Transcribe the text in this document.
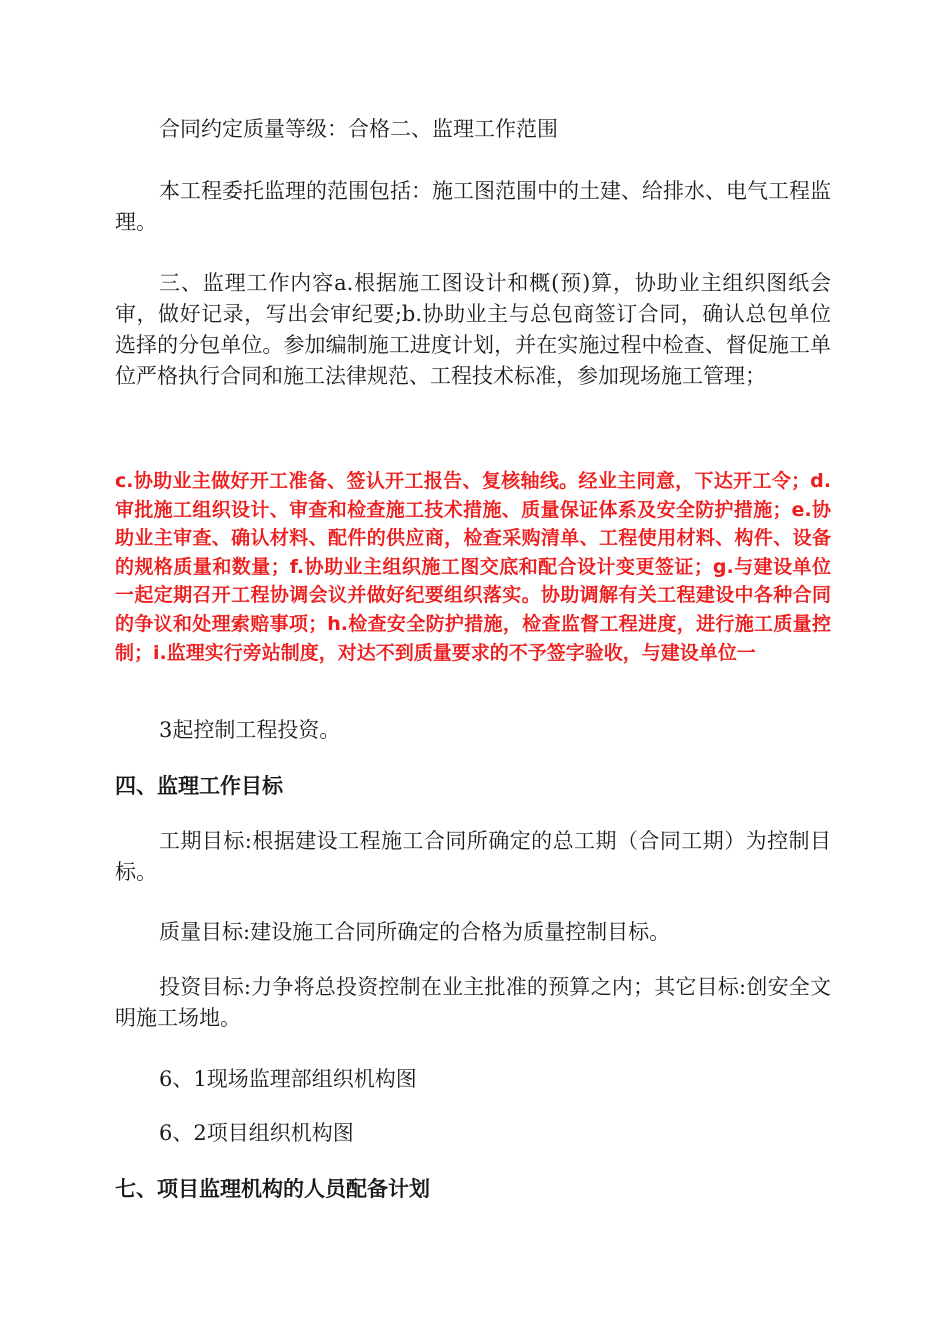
合同约定质量等级：合格二、监理工作范围

本工程委托监理的范围包括：施工图范围中的土建、给排水、电气工程监理。

三、监理工作内容a.根据施工图设计和概(预)算，协助业主组织图纸会审，做好记录，写出会审纪要;b.协助业主与总包商签订合同，确认总包单位选择的分包单位。参加编制施工进度计划，并在实施过程中检查、督促施工单位严格执行合同和施工法律规范、工程技术标准，参加现场施工管理；

c.协助业主做好开工准备、签认开工报告、复核轴线。经业主同意，下达开工令；d.审批施工组织设计、审查和检查施工技术措施、质量保证体系及安全防护措施；e.协助业主审查、确认材料、配件的供应商，检查采购清单、工程使用材料、构件、设备的规格质量和数量；f.协助业主组织施工图交底和配合设计变更签证；g.与建设单位一起定期召开工程协调会议并做好纪要组织落实。协助调解有关工程建设中各种合同的争议和处理索赔事项；h.检查安全防护措施，检查监督工程进度，进行施工质量控制；i.监理实行旁站制度，对达不到质量要求的不予签字验收，与建设单位一

3起控制工程投资。

四、监理工作目标

工期目标:根据建设工程施工合同所确定的总工期（合同工期）为控制目标。

质量目标:建设施工合同所确定的合格为质量控制目标。

投资目标:力争将总投资控制在业主批准的预算之内；其它目标:创安全文明施工场地。

6、1现场监理部组织机构图

6、2项目组织机构图

七、项目监理机构的人员配备计划
